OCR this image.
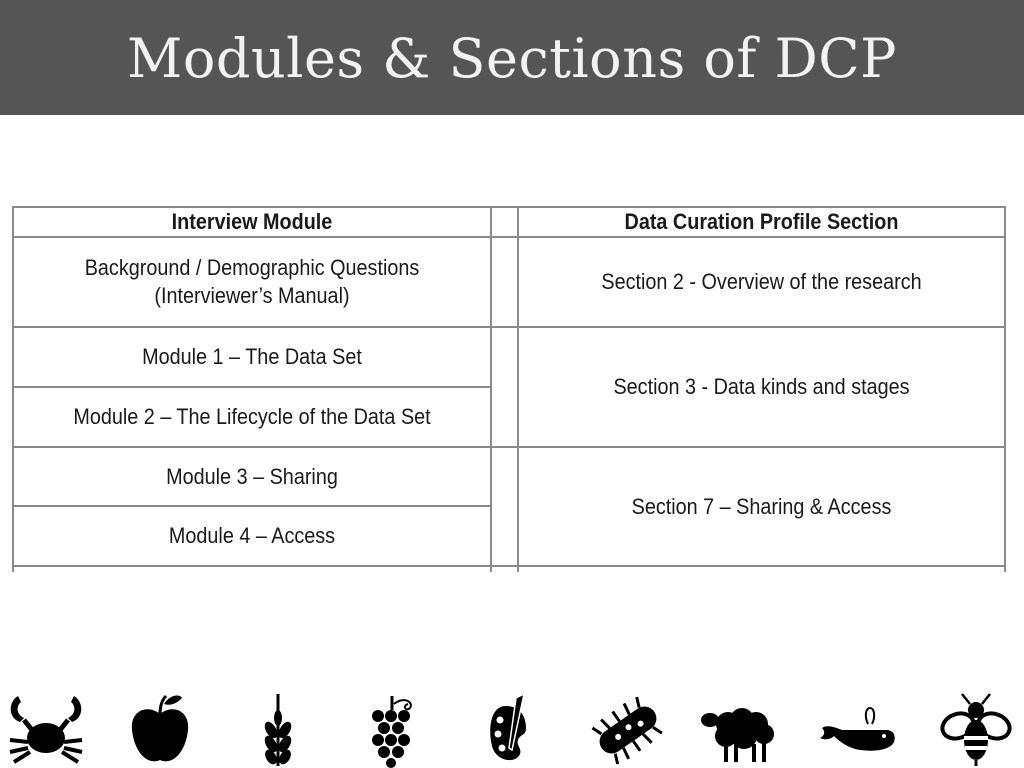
Modules & Sections of DCP
Interview Module	Data Curation Profile Section
Background / Demographic Questions
(Interviewer’s Manual)
Module 1 – The Data Set
Module 2 – The Lifecycle of the Data Set
Module 3 – Sharing
Module 4 – Access
Section 2 - Overview of the research
Section 3 - Data kinds and stages
Section 7 – Sharing & Access
